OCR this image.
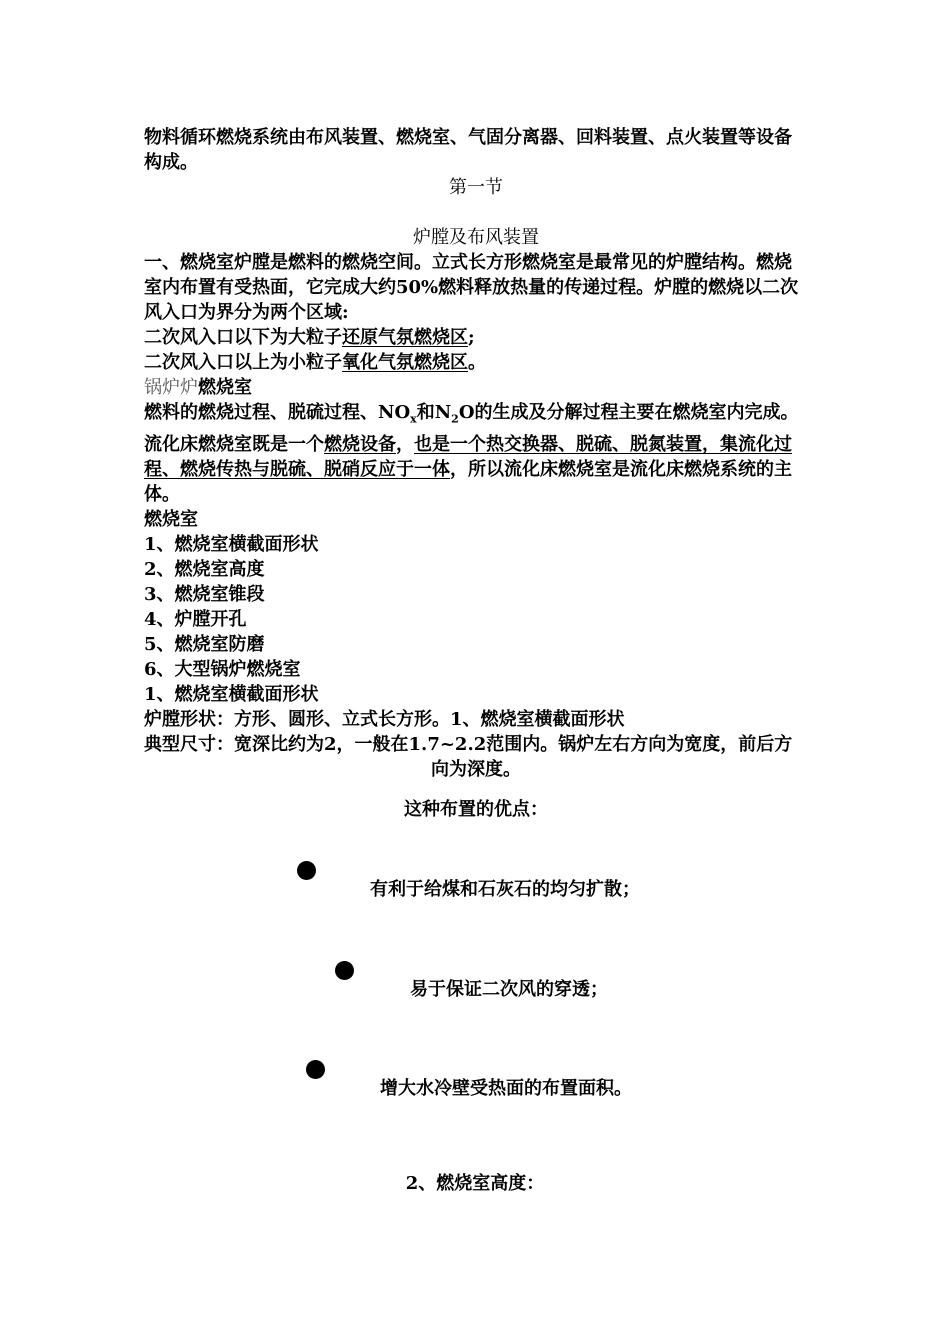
物料循环燃烧系统由布风装置、燃烧室、气固分离器、回料装置、点火装置等设备

构成。

第一节

炉膛及布风装置

一、燃烧室炉膛是燃料的燃烧空间。立式长方形燃烧室是最常见的炉膛结构。燃烧室内布置有受热面，它完成大约50%燃料释放热量的传递过程。炉膛的燃烧以二次风入口为界分为两个区域:

二次风入口以下为大粒子还原气氛燃烧区;

二次风入口以上为小粒子氧化气氛燃烧区。

锅炉炉燃烧室

燃料的燃烧过程、脱硫过程、$NO_x$和$N_2O$的生成及分解过程主要在燃烧室内完成。

流化床燃烧室既是一个燃烧设备，也是一个热交换器、脱硫、脱氮装置，集流化过程、燃烧传热与脱硫、脱硝反应于一体，所以流化床燃烧室是流化床燃烧系统的主体。

燃烧室

1、燃烧室横截面形状

2、燃烧室高度

3、燃烧室锥段

4、炉膛开孔

5、燃烧室防磨

6、大型锅炉燃烧室

1、燃烧室横截面形状

炉膛形状：方形、圆形、立式长方形。1、燃烧室横截面形状

典型尺寸：宽深比约为2，一般在1.7~2.2范围内。锅炉左右方向为宽度，前后方

向为深度。

这种布置的优点：

有利于给煤和石灰石的均匀扩散；
易于保证二次风的穿透；
增大水冷壁受热面的布置面积。
2、燃烧室高度：
